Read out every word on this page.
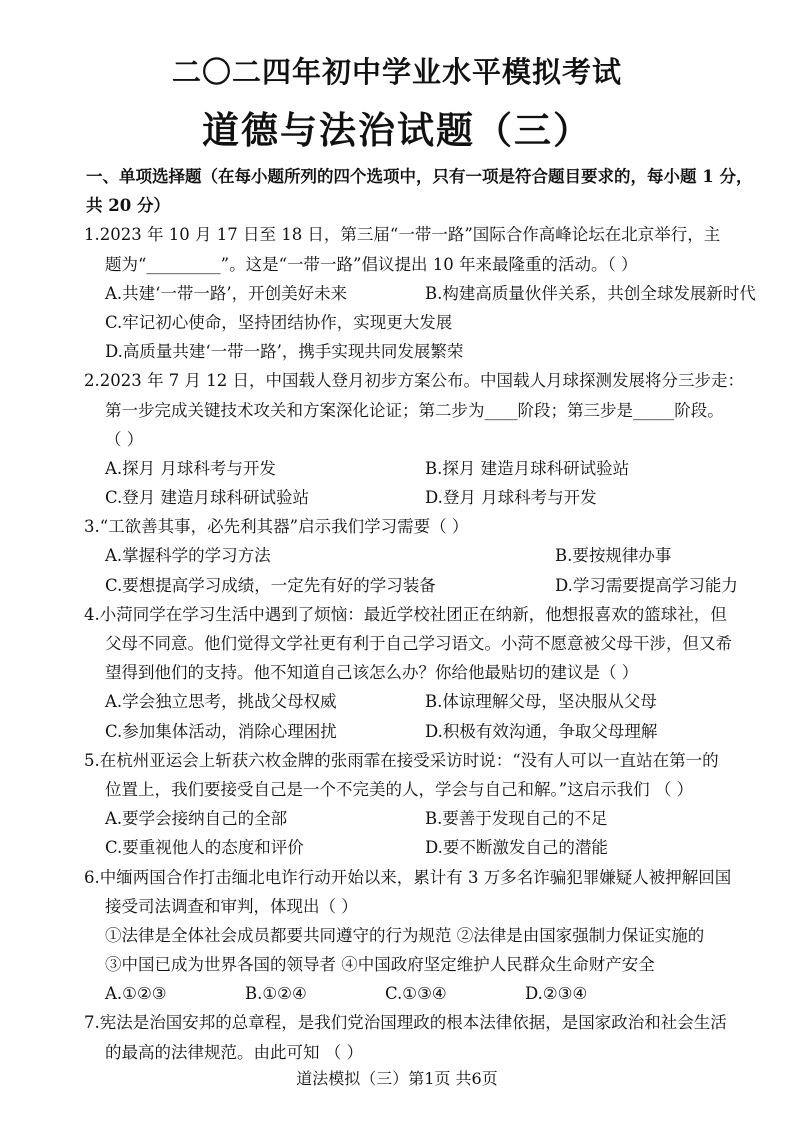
二〇二四年初中学业水平模拟考试
道德与法治试题（三）
一、单项选择题（在每小题所列的四个选项中，只有一项是符合题目要求的，每小题 1 分，
共 20 分）
1.2023 年 10 月 17 日至 18 日，第三届“一带一路”国际合作高峰论坛在北京举行，主
题为“_________”。这是“一带一路”倡议提出 10 年来最隆重的活动。（ ）
A.共建‘一带一路’，开创美好未来	B.构建高质量伙伴关系，共创全球发展新时代
C.牢记初心使命，坚持团结协作，实现更大发展
D.高质量共建‘一带一路’，携手实现共同发展繁荣
2.2023 年 7 月 12 日，中国载人登月初步方案公布。中国载人月球探测发展将分三步走：
第一步完成关键技术攻关和方案深化论证；第二步为____阶段；第三步是_____阶段。
（ ）
A.探月 月球科考与开发	B.探月 建造月球科研试验站
C.登月 建造月球科研试验站	D.登月 月球科考与开发
3.“工欲善其事，必先利其器”启示我们学习需要（ ）
A.掌握科学的学习方法	B.要按规律办事
C.要想提高学习成绩，一定先有好的学习装备	D.学习需要提高学习能力
4.小菏同学在学习生活中遇到了烦恼：最近学校社团正在纳新，他想报喜欢的篮球社，但
父母不同意。他们觉得文学社更有利于自己学习语文。小菏不愿意被父母干涉，但又希
望得到他们的支持。他不知道自己该怎么办？你给他最贴切的建议是（ ）
A.学会独立思考，挑战父母权威	B.体谅理解父母，坚决服从父母
C.参加集体活动，消除心理困扰	D.积极有效沟通，争取父母理解
5.在杭州亚运会上斩获六枚金牌的张雨霏在接受采访时说：“没有人可以一直站在第一的
位置上，我们要接受自己是一个不完美的人，学会与自己和解。”这启示我们 （ ）
A.要学会接纳自己的全部	B.要善于发现自己的不足
C.要重视他人的态度和评价	D.要不断激发自己的潜能
6.中缅两国合作打击缅北电诈行动开始以来，累计有 3 万多名诈骗犯罪嫌疑人被押解回国
接受司法调查和审判，体现出（ ）
①法律是全体社会成员都要共同遵守的行为规范 ②法律是由国家强制力保证实施的
③中国已成为世界各国的领导者 ④中国政府坚定维护人民群众生命财产安全
A.①②③	B.①②④	C.①③④	D.②③④
7.宪法是治国安邦的总章程，是我们党治国理政的根本法律依据，是国家政治和社会生活
的最高的法律规范。由此可知 （ ）
道法模拟（三）第1页 共6页
